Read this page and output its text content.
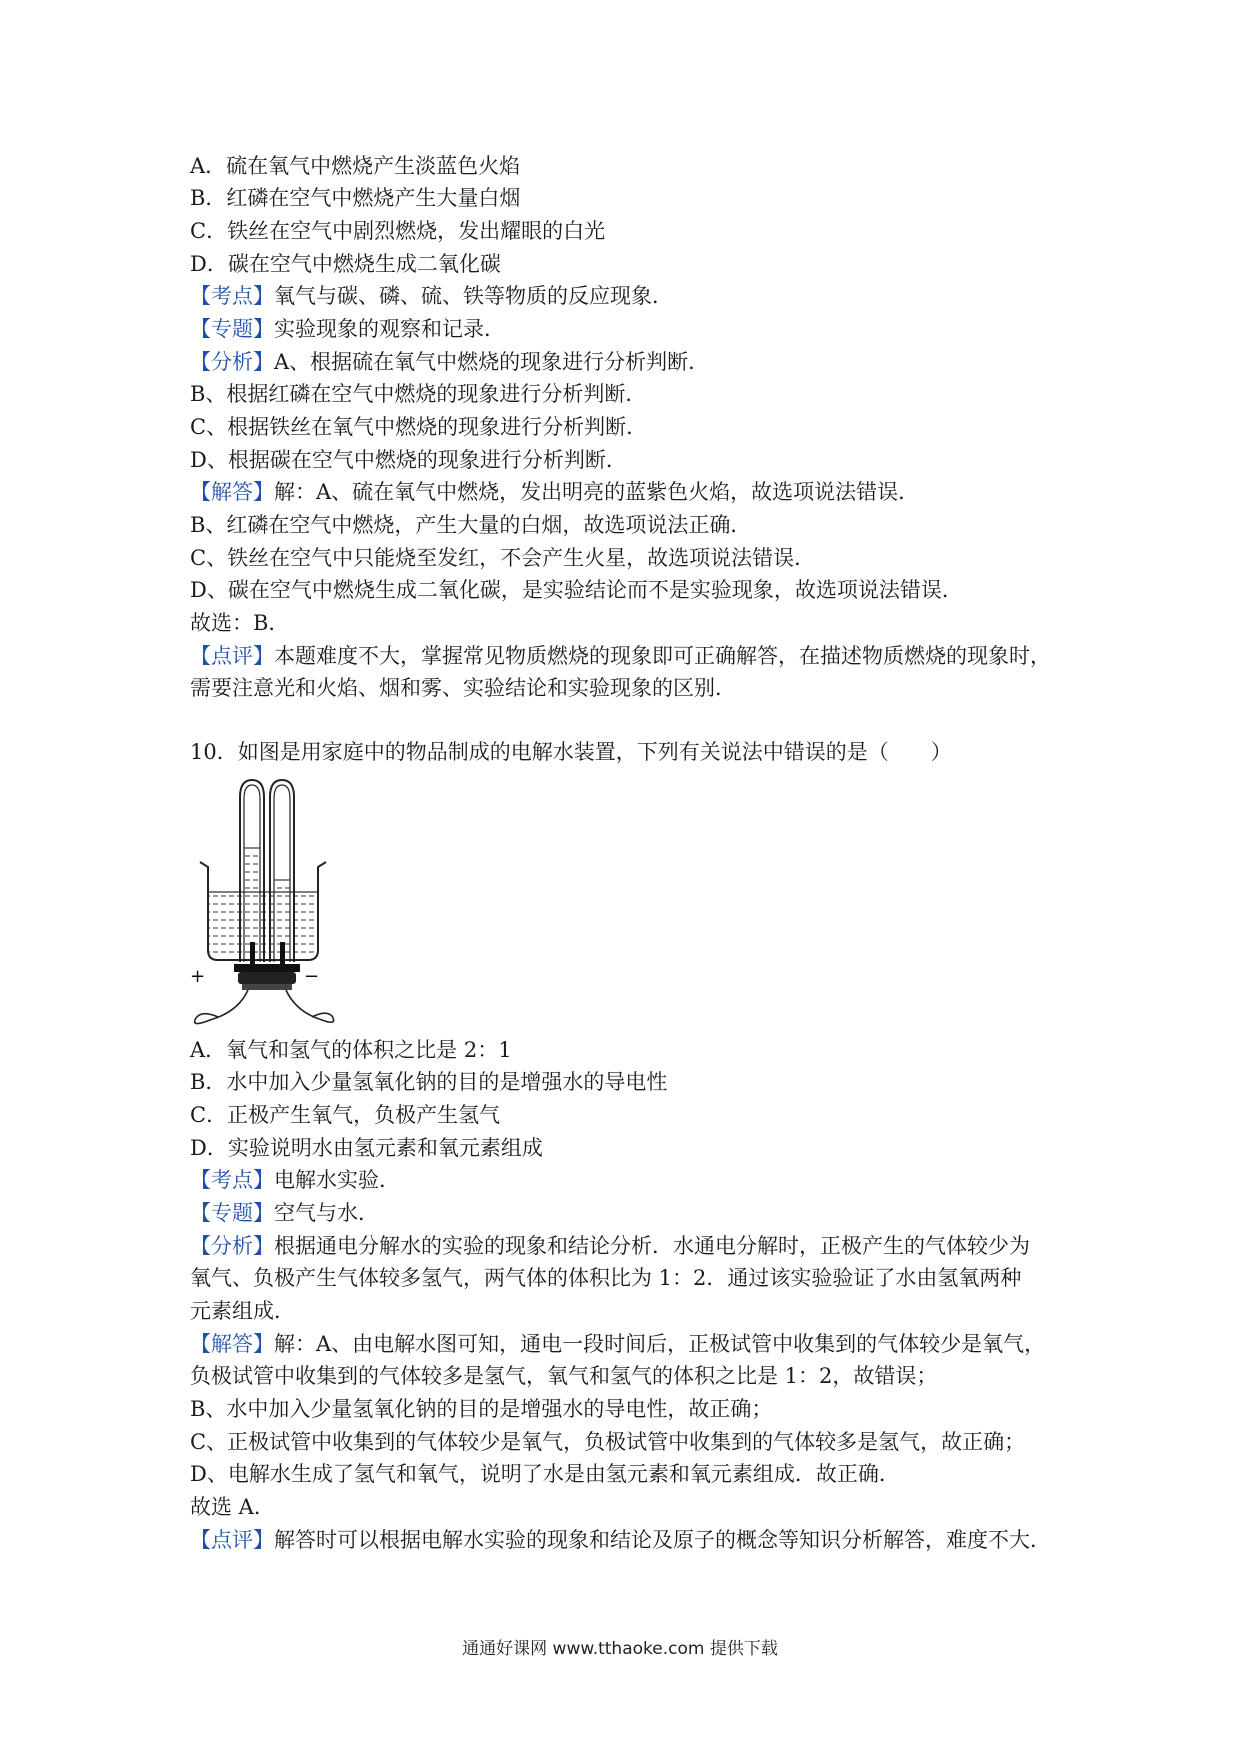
A．硫在氧气中燃烧产生淡蓝色火焰
B．红磷在空气中燃烧产生大量白烟
C．铁丝在空气中剧烈燃烧，发出耀眼的白光
D．碳在空气中燃烧生成二氧化碳
【考点】氧气与碳、磷、硫、铁等物质的反应现象．
【专题】实验现象的观察和记录．
【分析】A、根据硫在氧气中燃烧的现象进行分析判断．
B、根据红磷在空气中燃烧的现象进行分析判断．
C、根据铁丝在氧气中燃烧的现象进行分析判断．
D、根据碳在空气中燃烧的现象进行分析判断．
【解答】解：A、硫在氧气中燃烧，发出明亮的蓝紫色火焰，故选项说法错误．
B、红磷在空气中燃烧，产生大量的白烟，故选项说法正确．
C、铁丝在空气中只能烧至发红，不会产生火星，故选项说法错误．
D、碳在空气中燃烧生成二氧化碳，是实验结论而不是实验现象，故选项说法错误．
故选：B．
【点评】本题难度不大，掌握常见物质燃烧的现象即可正确解答，在描述物质燃烧的现象时，
需要注意光和火焰、烟和雾、实验结论和实验现象的区别．
10．如图是用家庭中的物品制成的电解水装置，下列有关说法中错误的是（　　）
+	−
A．氧气和氢气的体积之比是 2：1
B．水中加入少量氢氧化钠的目的是增强水的导电性
C．正极产生氧气，负极产生氢气
D．实验说明水由氢元素和氧元素组成
【考点】电解水实验．
【专题】空气与水．
【分析】根据通电分解水的实验的现象和结论分析．水通电分解时，正极产生的气体较少为
氧气、负极产生气体较多氢气，两气体的体积比为 1：2．通过该实验验证了水由氢氧两种
元素组成．
【解答】解：A、由电解水图可知，通电一段时间后，正极试管中收集到的气体较少是氧气，
负极试管中收集到的气体较多是氢气，氧气和氢气的体积之比是 1：2，故错误；
B、水中加入少量氢氧化钠的目的是增强水的导电性，故正确；
C、正极试管中收集到的气体较少是氧气，负极试管中收集到的气体较多是氢气，故正确；
D、电解水生成了氢气和氧气，说明了水是由氢元素和氧元素组成．故正确．
故选 A．
【点评】解答时可以根据电解水实验的现象和结论及原子的概念等知识分析解答，难度不大．
通通好课网 www.tthaoke.com 提供下载
